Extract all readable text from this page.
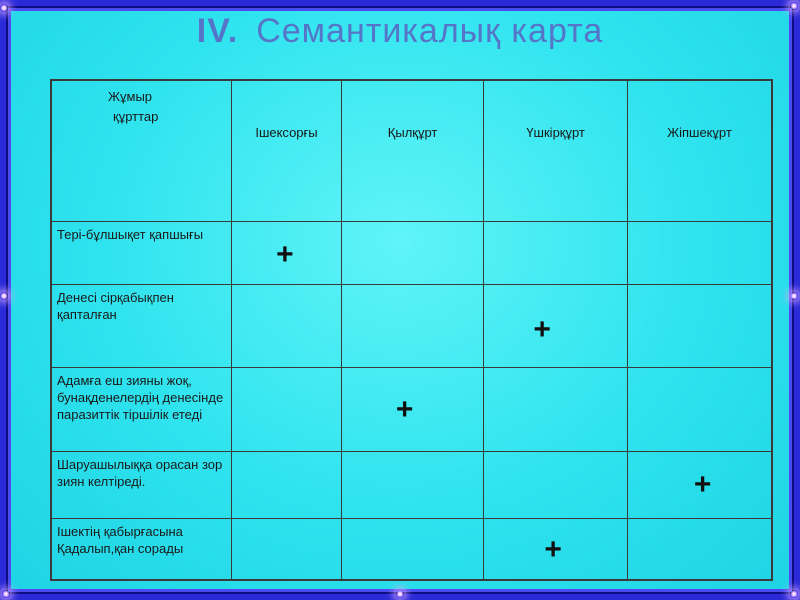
IV. Семантикалық карта
Жұмыр
құрттар	Ішексорғы	Қылқұрт	Үшкірқұрт	Жіпшекұрт
Тері-бұлшықет қапшығы	+			

Денесі сірқабықпен қапталған			+	

Адамға еш зияны жоқ, бунақденелердің денесінде паразиттік тіршілік етеді		+		

Шаруашылыққа орасан зор зиян келтіреді.				+

Ішектің қабырғасына Қадалып,қан сорады			+	
